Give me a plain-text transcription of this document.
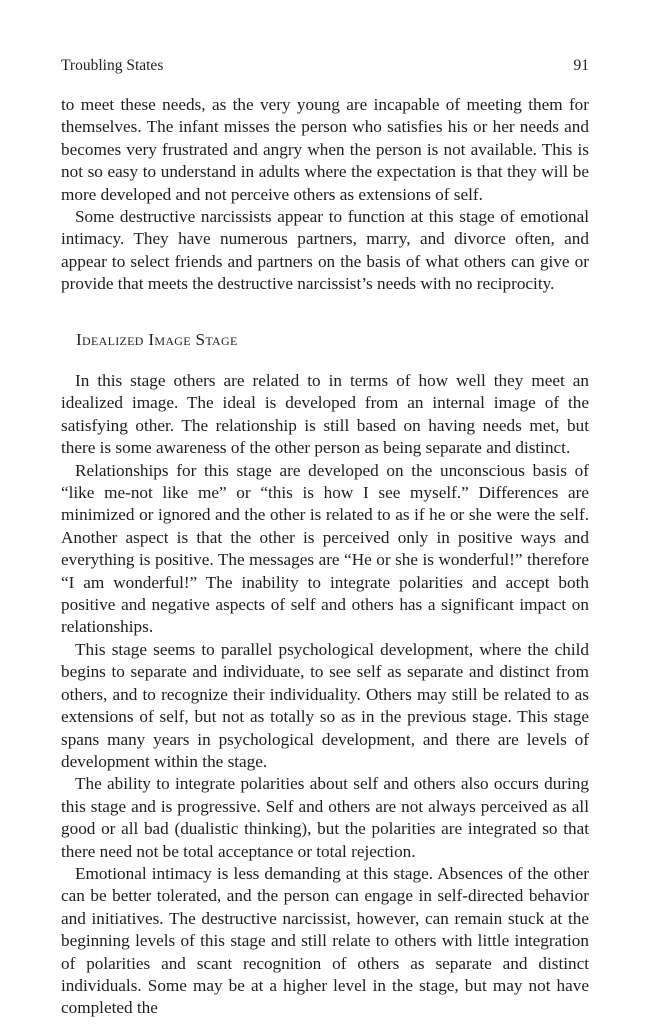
Troubling States	91

to meet these needs, as the very young are incapable of meeting them for themselves. The infant misses the person who satisfies his or her needs and becomes very frustrated and angry when the person is not available. This is not so easy to understand in adults where the expectation is that they will be more developed and not perceive others as extensions of self.

Some destructive narcissists appear to function at this stage of emotional intimacy. They have numerous partners, marry, and divorce often, and appear to select friends and partners on the basis of what others can give or provide that meets the destructive narcissist’s needs with no reciprocity.

Idealized Image Stage

In this stage others are related to in terms of how well they meet an idealized image. The ideal is developed from an internal image of the satisfying other. The relationship is still based on having needs met, but there is some awareness of the other person as being separate and distinct.

Relationships for this stage are developed on the unconscious basis of “like me-not like me” or “this is how I see myself.” Differences are minimized or ignored and the other is related to as if he or she were the self. Another aspect is that the other is perceived only in positive ways and everything is positive. The messages are “He or she is wonderful!” therefore “I am wonderful!” The inability to integrate polarities and accept both positive and negative aspects of self and others has a significant impact on relationships.

This stage seems to parallel psychological development, where the child begins to separate and individuate, to see self as separate and distinct from others, and to recognize their individuality. Others may still be related to as extensions of self, but not as totally so as in the previous stage. This stage spans many years in psychological development, and there are levels of development within the stage.

The ability to integrate polarities about self and others also occurs during this stage and is progressive. Self and others are not always perceived as all good or all bad (dualistic thinking), but the polarities are integrated so that there need not be total acceptance or total rejection.

Emotional intimacy is less demanding at this stage. Absences of the other can be better tolerated, and the person can engage in self-directed behavior and initiatives. The destructive narcissist, however, can remain stuck at the beginning levels of this stage and still relate to others with little integration of polarities and scant recognition of others as separate and distinct individuals. Some may be at a higher level in the stage, but may not have completed the
